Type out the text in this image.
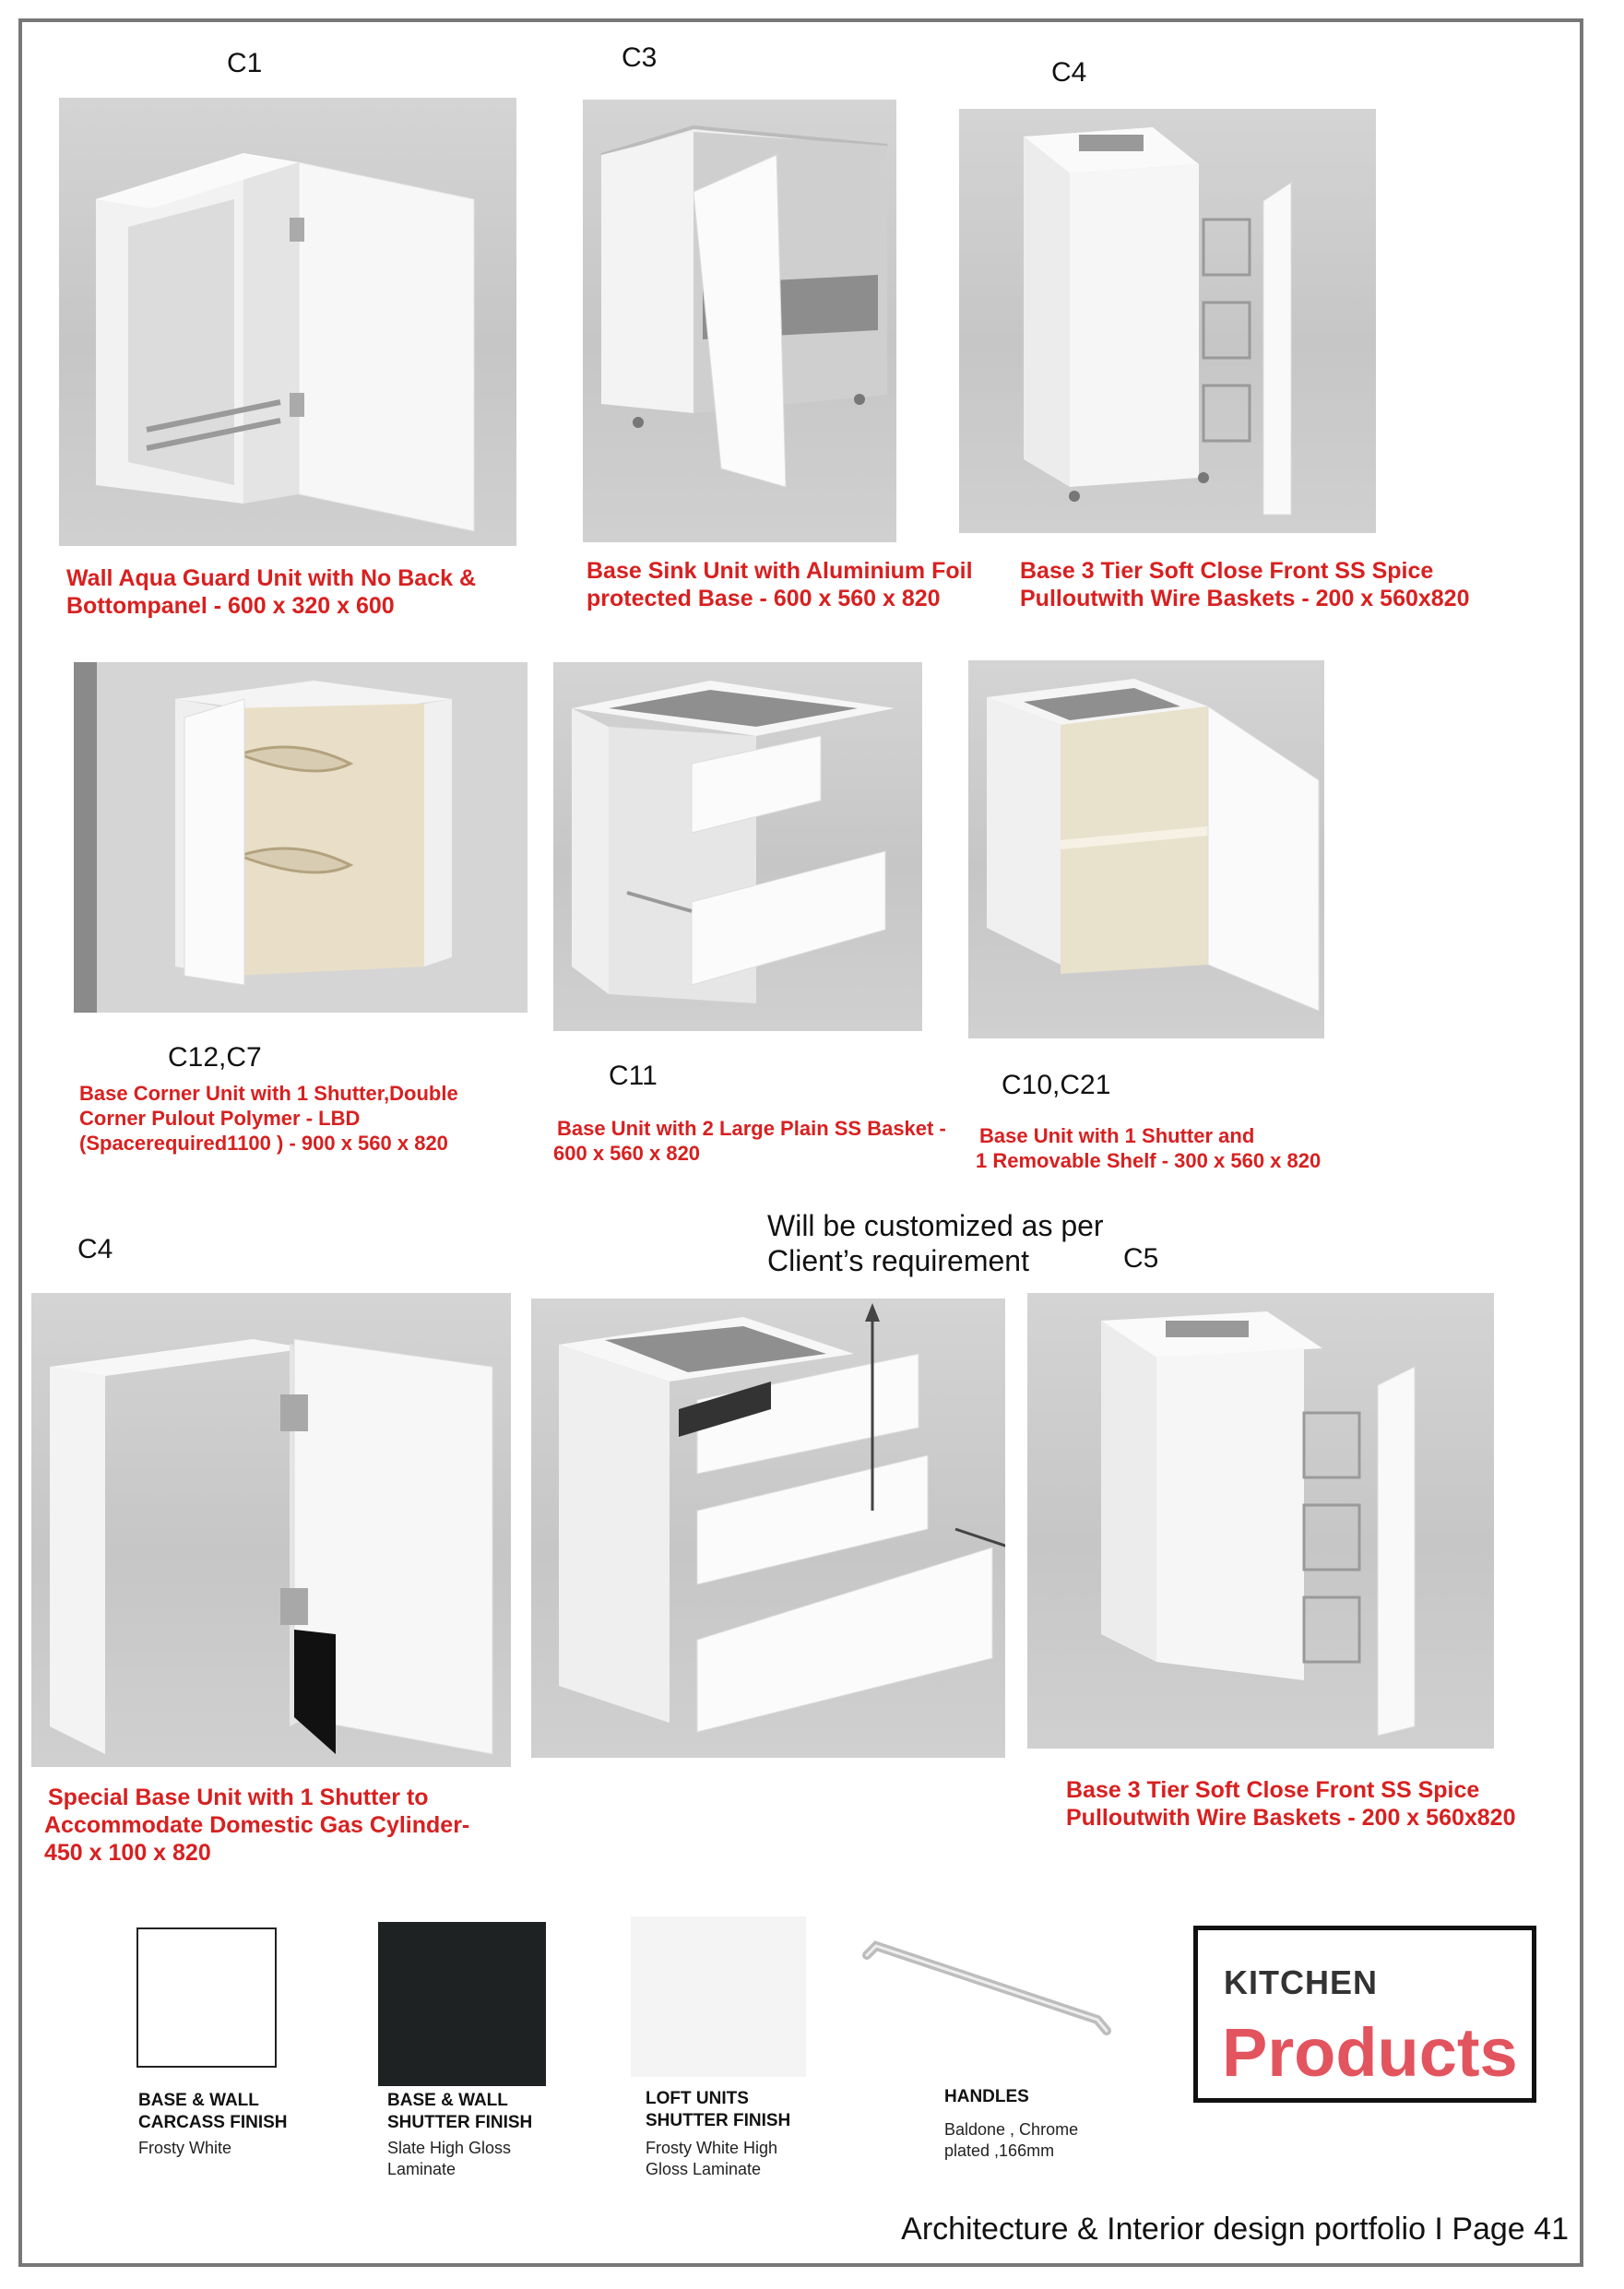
C1	C3	C4
Wall Aqua Guard Unit with No Back &
Bottompanel - 600 x 320 x 600
Base Sink Unit with Aluminium Foil
protected Base - 600 x 560 x 820
Base 3 Tier Soft Close Front SS Spice
Pulloutwith Wire Baskets - 200 x 560x820
C12,C7
C11	C10,C21
Base Corner Unit with 1 Shutter,Double
Corner Pulout Polymer - LBD
(Spacerequired1100 ) - 900 x 560 x 820
Base Unit with 2 Large Plain SS Basket -
600 x 560 x 820
Base Unit with 1 Shutter and
1 Removable Shelf - 300 x 560 x 820
C4
Will be customized as per
Client’s requirement	C5
Special Base Unit with 1 Shutter to
Accommodate Domestic Gas Cylinder-
450 x 100 x 820
Base 3 Tier Soft Close Front SS Spice
Pulloutwith Wire Baskets - 200 x 560x820
BASE & WALL
CARCASS FINISH
Frosty White
BASE & WALL
SHUTTER FINISH
Slate High Gloss
Laminate
LOFT UNITS
SHUTTER FINISH
Frosty White High
Gloss Laminate
HANDLES
Baldone , Chrome
plated ,166mm
KITCHEN
Products
Architecture & Interior design portfolio I Page 41
